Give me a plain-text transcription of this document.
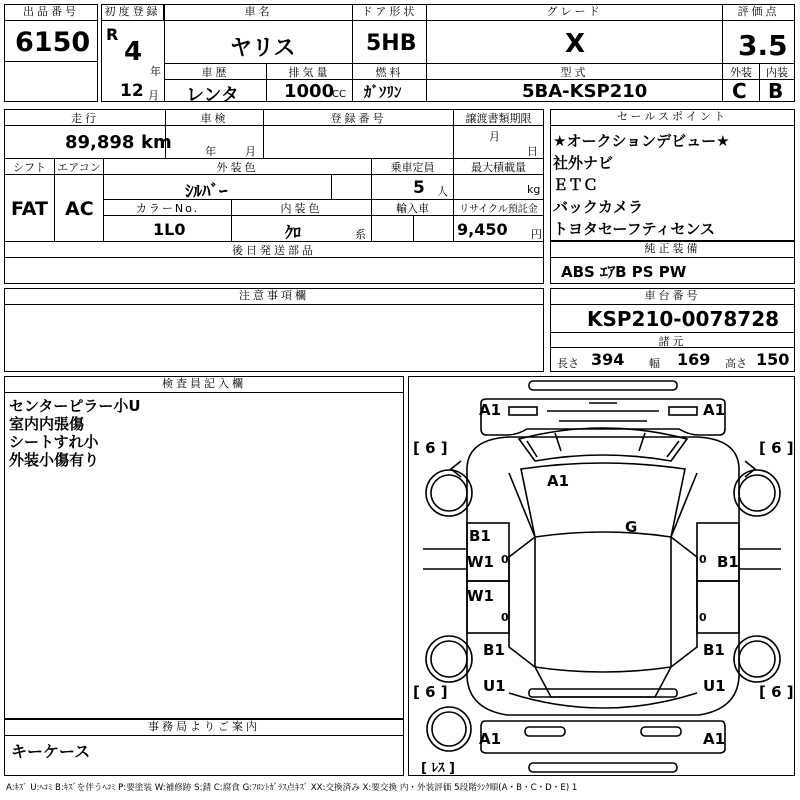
出品番号
6150
初度登録
R
4
年
12 月
車名
ヤリス
ドア形状
5HB
グレード
X
評価点
3.5
車歴
レンタ
排気量
1000
CC
燃料
ｶﾞｿﾘﾝ
型式
5BA-KSP210
外装	内装
C B
走行
89,898 km
車検
年	月
登録番号	譲渡書類期限
月
日
シフト
FAT
エアコン
AC
外装色
ｼﾙﾊﾞｰ
乗車定員
5 人
最大積載量
kg
カラーNo.
1L0
内装色
ｸﾛ	系
輸入車	リサイクル預託金
9,450 円
後日発送部品
セールスポイント
★オークションデビュー★
社外ナビ
ＥＴＣ
バックカメラ
トヨタセーフティセンス
純正装備
ABS ｴｱB PS PW
注意事項欄	車台番号
KSP210-0078728
諸元
長さ 394 幅 169 高さ 150
検査員記入欄
センターピラー小U
室内内張傷
シートすれ小
外装小傷有り
事務局よりご案内
キーケース
0
0
0
0
[ 6 ]	[ 6 ]
[ 6 ]	[ 6 ]
[ ﾚｽ ]
A1	A1
A1
G
B1
W1	B1
W1
B1	B1
U1	U1
A1	A1
A:ｷｽﾞ U:ﾍｺﾐ B:ｷｽﾞを伴うﾍｺﾐ P:要塗装 W:補修跡 S:錆 C:腐食 G:ﾌﾛﾝﾄｶﾞﾗｽ点ｷｽﾞ XX:交換済み X:要交換 内・外装評価 5段階ﾗﾝｸ順(A・B・C・D・E) 1
